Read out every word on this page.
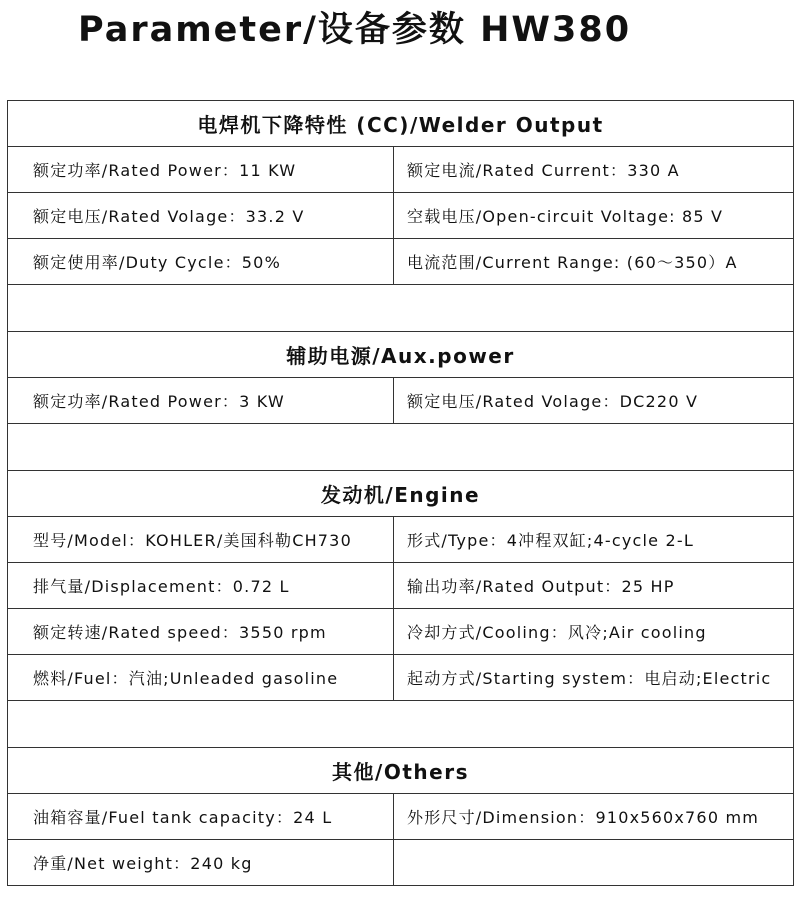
Parameter/设备参数 HW380
电焊机下降特性 (CC)/Welder Output
额定功率/Rated Power：11 KW	额定电流/Rated Current：330 A
额定电压/Rated Volage：33.2 V	空载电压/Open-circuit Voltage: 85 V
额定使用率/Duty Cycle：50%	电流范围/Current Range: (60～350）A
辅助电源/Aux.power
额定功率/Rated Power：3 KW	额定电压/Rated Volage：DC220 V
发动机/Engine
型号/Model：KOHLER/美国科勒CH730	形式/Type：4冲程双缸;4-cycle 2-L
排气量/Displacement：0.72 L	输出功率/Rated Output：25 HP
额定转速/Rated speed：3550 rpm	冷却方式/Cooling：风冷;Air cooling
燃料/Fuel：汽油;Unleaded gasoline	起动方式/Starting system：电启动;Electric
其他/Others
油箱容量/Fuel tank capacity：24 L	外形尺寸/Dimension：910x560x760 mm
净重/Net weight：240 kg
